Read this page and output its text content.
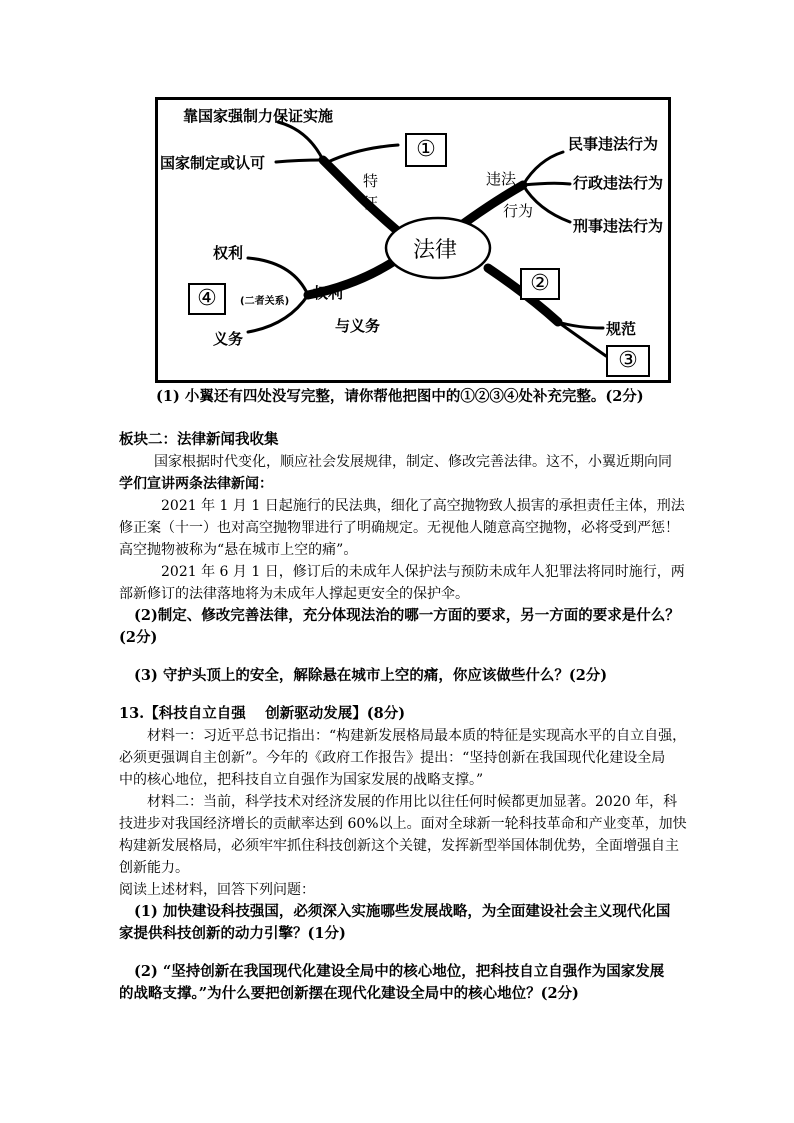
法律
靠国家强制力保证实施
国家制定或认可
特征
①
违法
行为
民事违法行为
行政违法行为
刑事违法行为
权利
义务
(二者关系)
④	权利
与义务
②
规范
③
(1) 小翼还有四处没写完整，请你帮他把图中的①②③④处补充完整。(2分)
板块二：法律新闻我收集
国家根据时代变化，顺应社会发展规律，制定、修改完善法律。这不，小翼近期向同
学们宣讲两条法律新闻：
2021 年 1 月 1 日起施行的民法典，细化了高空抛物致人损害的承担责任主体，刑法
修正案（十一）也对高空抛物罪进行了明确规定。无视他人随意高空抛物，必将受到严惩！
高空抛物被称为“悬在城市上空的痛”。
2021 年 6 月 1 日，修订后的未成年人保护法与预防未成年人犯罪法将同时施行，两
部新修订的法律落地将为未成年人撑起更安全的保护伞。
(2)制定、修改完善法律，充分体现法治的哪一方面的要求，另一方面的要求是什么？
(2分)
(3) 守护头顶上的安全，解除悬在城市上空的痛，你应该做些什么？(2分)
13.【科技自立自强　 创新驱动发展】(8分)
材料一：习近平总书记指出：“构建新发展格局最本质的特征是实现高水平的自立自强，
必须更强调自主创新”。今年的《政府工作报告》提出：“坚持创新在我国现代化建设全局
中的核心地位，把科技自立自强作为国家发展的战略支撑。”
材料二：当前，科学技术对经济发展的作用比以往任何时候都更加显著。2020 年，科
技进步对我国经济增长的贡献率达到 60%以上。面对全球新一轮科技革命和产业变革，加快
构建新发展格局，必须牢牢抓住科技创新这个关键，发挥新型举国体制优势，全面增强自主
创新能力。
阅读上述材料，回答下列问题：
(1) 加快建设科技强国，必须深入实施哪些发展战略，为全面建设社会主义现代化国
家提供科技创新的动力引擎？(1分)
(2) “坚持创新在我国现代化建设全局中的核心地位，把科技自立自强作为国家发展
的战略支撑。”为什么要把创新摆在现代化建设全局中的核心地位？(2分)
